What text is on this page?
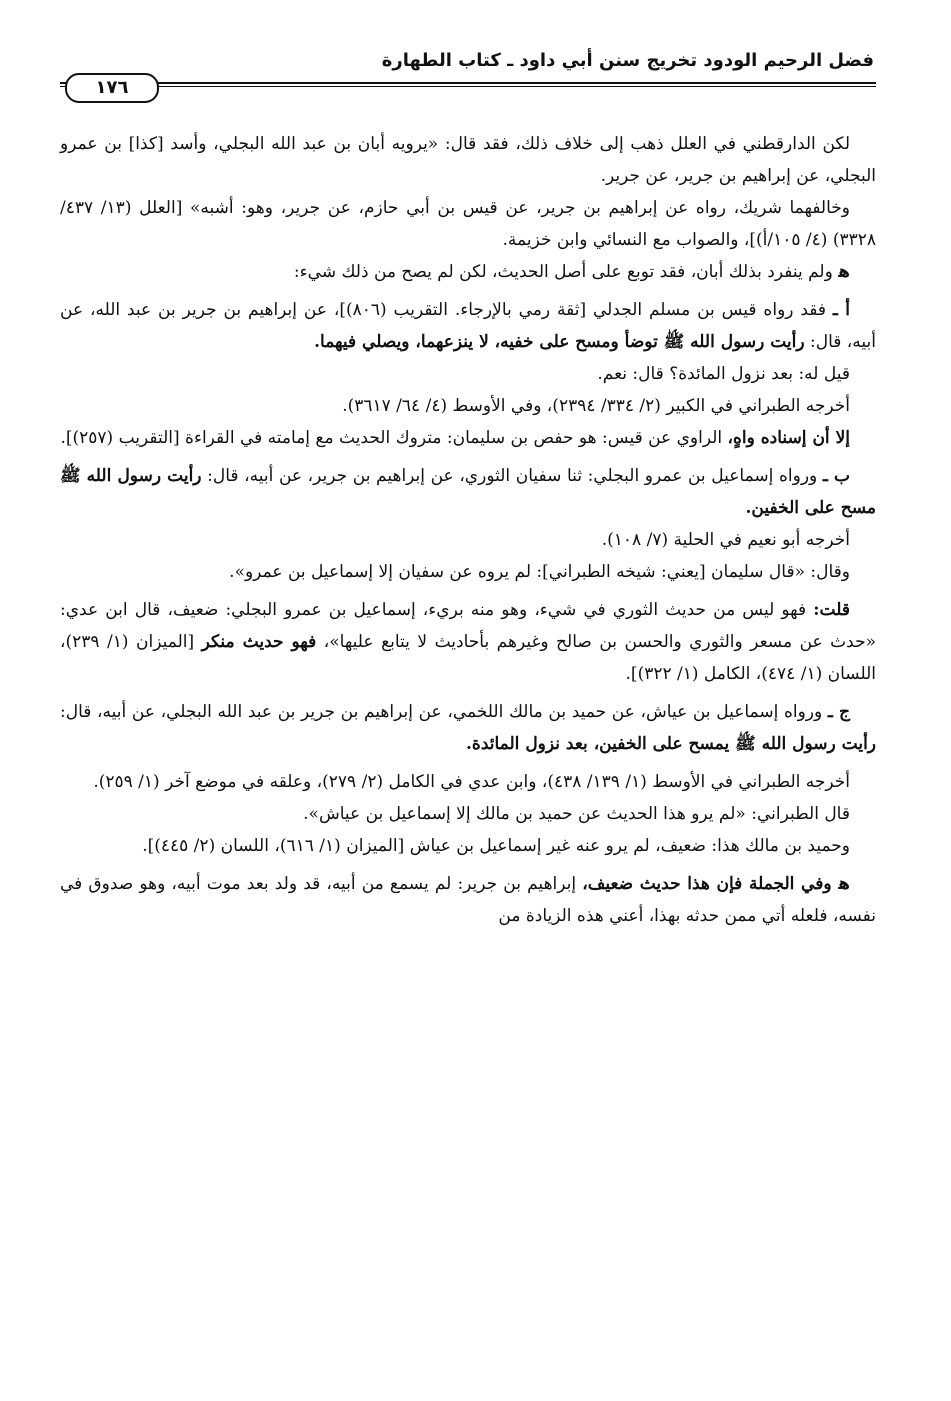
فضل الرحيم الودود تخريج سنن أبي داود ـ كتاب الطهارة
١٧٦

لكن الدارقطني في العلل ذهب إلى خلاف ذلك، فقد قال: «يرويه أبان بن عبد الله البجلي، وأسد [كذا] بن عمرو البجلي، عن إبراهيم بن جرير، عن جرير.

وخالفهما شريك، رواه عن إبراهيم بن جرير، عن قيس بن أبي حازم، عن جرير، وهو: أشبه» [العلل (١٣/ ٤٣٧/ ٣٣٢٨) (٤/ ١٠٥/أ)]، والصواب مع النسائي وابن خزيمة.

ﻫ ولم ينفرد بذلك أبان، فقد توبع على أصل الحديث، لكن لم يصح من ذلك شيء:

أ ـ فقد رواه قيس بن مسلم الجدلي [ثقة رمي بالإرجاء. التقريب (٨٠٦)]، عن إبراهيم بن جرير بن عبد الله، عن أبيه، قال: رأيت رسول الله ﷺ توضأ ومسح على خفيه، لا ينزعهما، ويصلي فيهما.

قيل له: بعد نزول المائدة؟ قال: نعم.

أخرجه الطبراني في الكبير (٢/ ٣٣٤/ ٢٣٩٤)، وفي الأوسط (٤/ ٦٤/ ٣٦١٧).

إلا أن إسناده واهٍ، الراوي عن قيس: هو حفص بن سليمان: متروك الحديث مع إمامته في القراءة [التقريب (٢٥٧)].

ب ـ ورواه إسماعيل بن عمرو البجلي: ثنا سفيان الثوري، عن إبراهيم بن جرير، عن أبيه، قال: رأيت رسول الله ﷺ مسح على الخفين.

أخرجه أبو نعيم في الحلية (٧/ ١٠٨).

وقال: «قال سليمان [يعني: شيخه الطبراني]: لم يروه عن سفيان إلا إسماعيل بن عمرو».

قلت: فهو ليس من حديث الثوري في شيء، وهو منه بريء، إسماعيل بن عمرو البجلي: ضعيف، قال ابن عدي: «حدث عن مسعر والثوري والحسن بن صالح وغيرهم بأحاديث لا يتابع عليها»، فهو حديث منكر [الميزان (١/ ٢٣٩)، اللسان (١/ ٤٧٤)، الكامل (١/ ٣٢٢)].

ج ـ ورواه إسماعيل بن عياش، عن حميد بن مالك اللخمي، عن إبراهيم بن جرير بن عبد الله البجلي، عن أبيه، قال: رأيت رسول الله ﷺ يمسح على الخفين، بعد نزول المائدة.

أخرجه الطبراني في الأوسط (١/ ١٣٩/ ٤٣٨)، وابن عدي في الكامل (٢/ ٢٧٩)، وعلقه في موضع آخر (١/ ٢٥٩).

قال الطبراني: «لم يرو هذا الحديث عن حميد بن مالك إلا إسماعيل بن عياش».

وحميد بن مالك هذا: ضعيف، لم يرو عنه غير إسماعيل بن عياش [الميزان (١/ ٦١٦)، اللسان (٢/ ٤٤٥)].

ﻫ وفي الجملة فإن هذا حديث ضعيف، إبراهيم بن جرير: لم يسمع من أبيه، قد ولد بعد موت أبيه، وهو صدوق في نفسه، فلعله أتي ممن حدثه بهذا، أعني هذه الزيادة من
